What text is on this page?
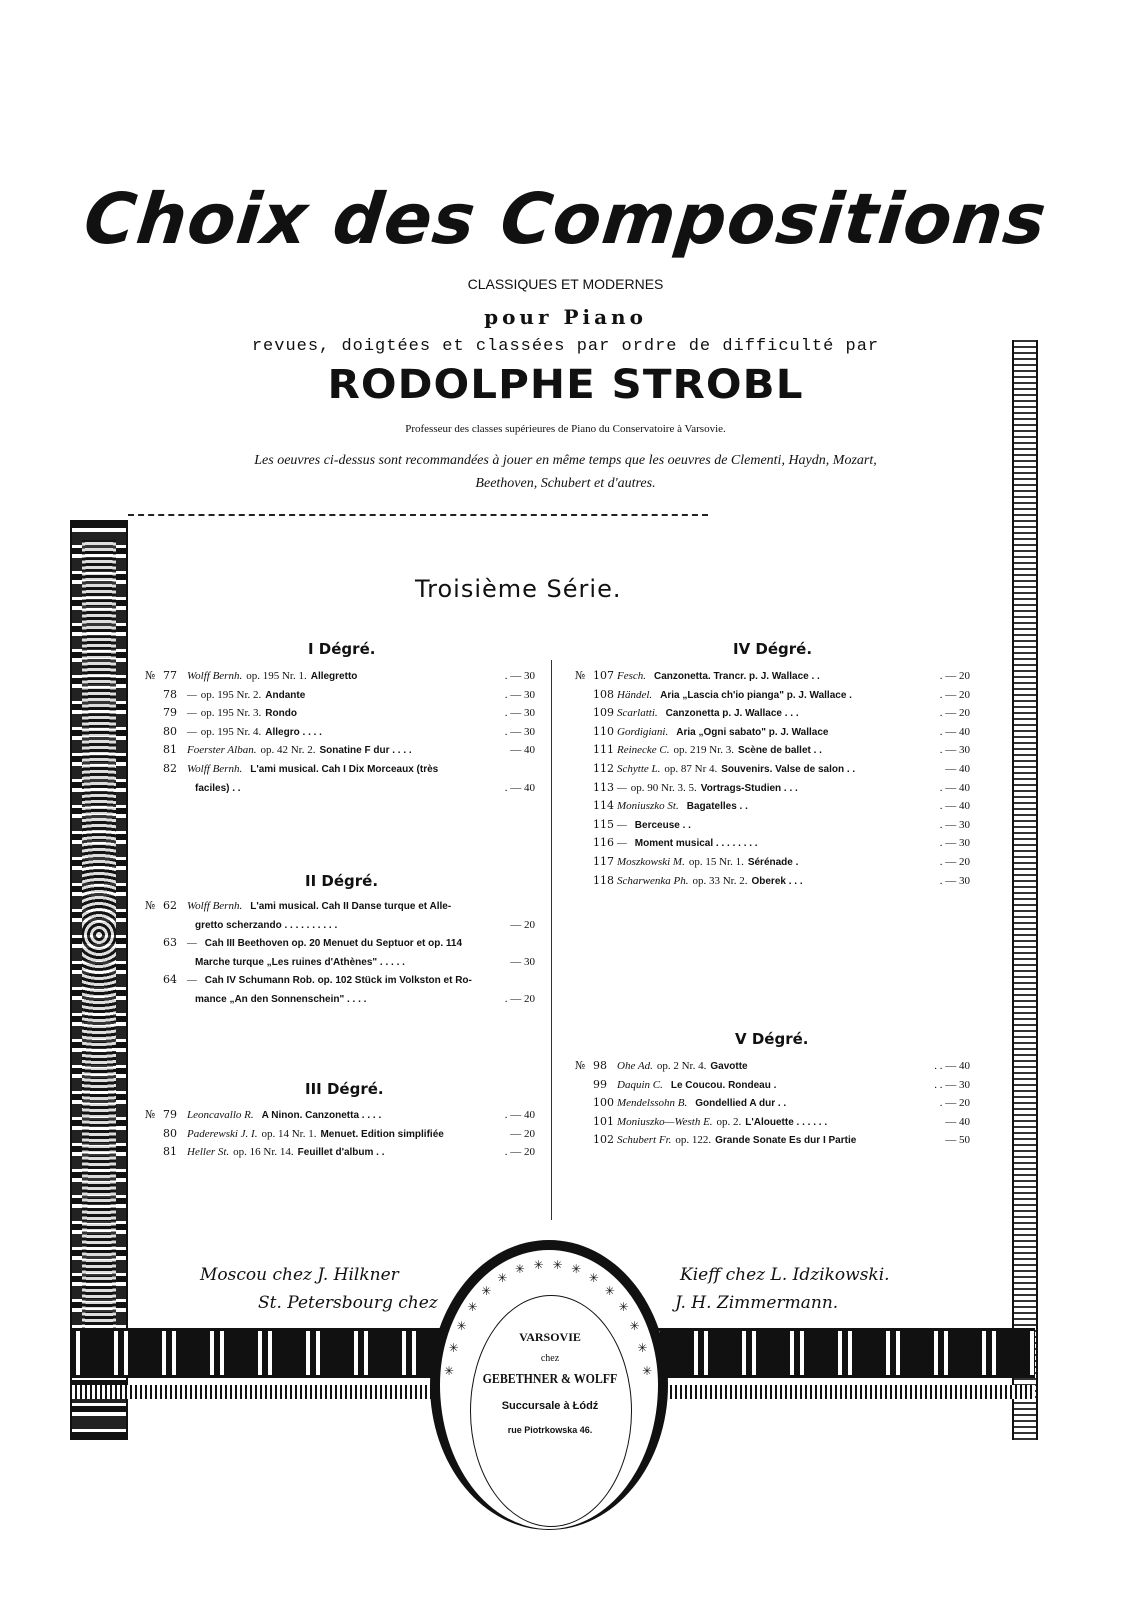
Choix des Compositions
CLASSIQUES ET MODERNES
pour Piano
revues, doigtées et classées par ordre de difficulté par
RODOLPHE STROBL
Professeur des classes supérieures de Piano du Conservatoire à Varsovie.
Les oeuvres ci-dessus sont recommandées à jouer en même temps que les oeuvres de Clementi, Haydn, Mozart,
Beethoven, Schubert et d'autres.
Troisième Série.
I Dégré.
№ 77 Wolff Bernh. op. 195 Nr. 1. Allegretto	. — 30
78 — op. 195 Nr. 2. Andante	. — 30
79 — op. 195 Nr. 3. Rondo	. — 30
80 — op. 195 Nr. 4. Allegro . . . .	. — 30
81 Foerster Alban. op. 42 Nr. 2. Sonatine F dur . . . .	— 40
82 Wolff Bernh. L'ami musical. Cah I Dix Morceaux (très
faciles) . .	. — 40
II Dégré.
№ 62 Wolff Bernh. L'ami musical. Cah II Danse turque et Alle-
gretto scherzando . . . . . . . . . .	— 20
63 — Cah III Beethoven op. 20 Menuet du Septuor et op. 114
Marche turque „Les ruines d'Athènes" . . . . .	— 30
64 — Cah IV Schumann Rob. op. 102 Stück im Volkston et Ro-
mance „An den Sonnenschein" . . . .	. — 20
III Dégré.
№ 79 Leoncavallo R. A Ninon. Canzonetta . . . .	. — 40
80 Paderewski J. I. op. 14 Nr. 1. Menuet. Edition simplifiée	— 20
81 Heller St. op. 16 Nr. 14. Feuillet d'album . .	. — 20
IV Dégré.
№ 107 Fesch. Canzonetta. Trancr. p. J. Wallace . .	. — 20
108 Händel. Aria „Lascia ch'io pianga" p. J. Wallace .	. — 20
109 Scarlatti. Canzonetta p. J. Wallace . . .	. — 20
110 Gordigiani. Aria „Ogni sabato" p. J. Wallace	. — 40
111 Reinecke C. op. 219 Nr. 3. Scène de ballet . .	. — 30
112 Schytte L. op. 87 Nr 4. Souvenirs. Valse de salon . .	— 40
113 — op. 90 Nr. 3. 5. Vortrags-Studien . . .	. — 40
114 Moniuszko St. Bagatelles . .	. — 40
115 — Berceuse . .	. — 30
116 — Moment musical . . . . . . . .	. — 30
117 Moszkowski M. op. 15 Nr. 1. Sérénade .	. — 20
118 Scharwenka Ph. op. 33 Nr. 2. Oberek . . .	. — 30
V Dégré.
№ 98 Ohe Ad. op. 2 Nr. 4. Gavotte	. . — 40
99 Daquin C. Le Coucou. Rondeau .	. . — 30
100 Mendelssohn B. Gondellied A dur . .	. — 20
101 Moniuszko—Westh E. op. 2. L'Alouette . . . . . .	— 40
102 Schubert Fr. op. 122. Grande Sonate Es dur I Partie	— 50
Moscou chez J. Hilkner
St. Petersbourg chez
Kieff chez L. Idzikowski.
J. H. Zimmermann.
✳
✳
✳
✳
✳
✳
✳ ✳ ✳ ✳
✳
✳
✳
✳
✳
✳
VARSOVIE
chez
GEBETHNER & WOLFF
Succursale à Łódź
rue Piotrkowska 46.
